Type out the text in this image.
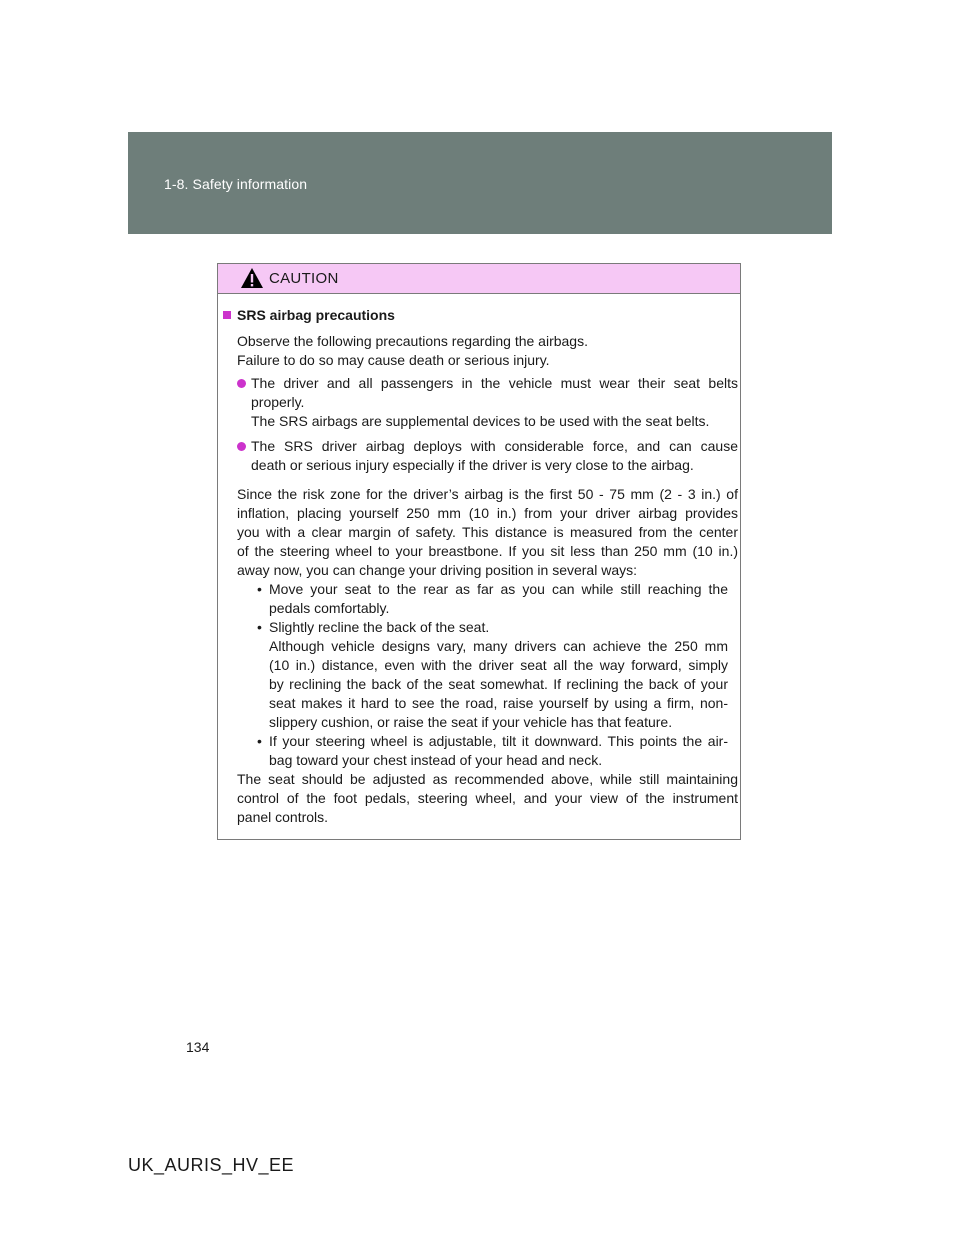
1-8. Safety information
CAUTION
SRS airbag precautions
Observe the following precautions regarding the airbags.
Failure to do so may cause death or serious injury.
The driver and all passengers in the vehicle must wear their seat belts
properly.
The SRS airbags are supplemental devices to be used with the seat belts.
The SRS driver airbag deploys with considerable force, and can cause
death or serious injury especially if the driver is very close to the airbag.
Since the risk zone for the driver’s airbag is the first 50 - 75 mm (2 - 3 in.) of
inflation, placing yourself 250 mm (10 in.) from your driver airbag provides
you with a clear margin of safety. This distance is measured from the center
of the steering wheel to your breastbone. If you sit less than 250 mm (10 in.)
away now, you can change your driving position in several ways:
• Move your seat to the rear as far as you can while still reaching the
pedals comfortably.
• Slightly recline the back of the seat.
Although vehicle designs vary, many drivers can achieve the 250 mm
(10 in.) distance, even with the driver seat all the way forward, simply
by reclining the back of the seat somewhat. If reclining the back of your
seat makes it hard to see the road, raise yourself by using a firm, non-
slippery cushion, or raise the seat if your vehicle has that feature.
• If your steering wheel is adjustable, tilt it downward. This points the air-
bag toward your chest instead of your head and neck.
The seat should be adjusted as recommended above, while still maintaining
control of the foot pedals, steering wheel, and your view of the instrument
panel controls.
134
UK_AURIS_HV_EE
